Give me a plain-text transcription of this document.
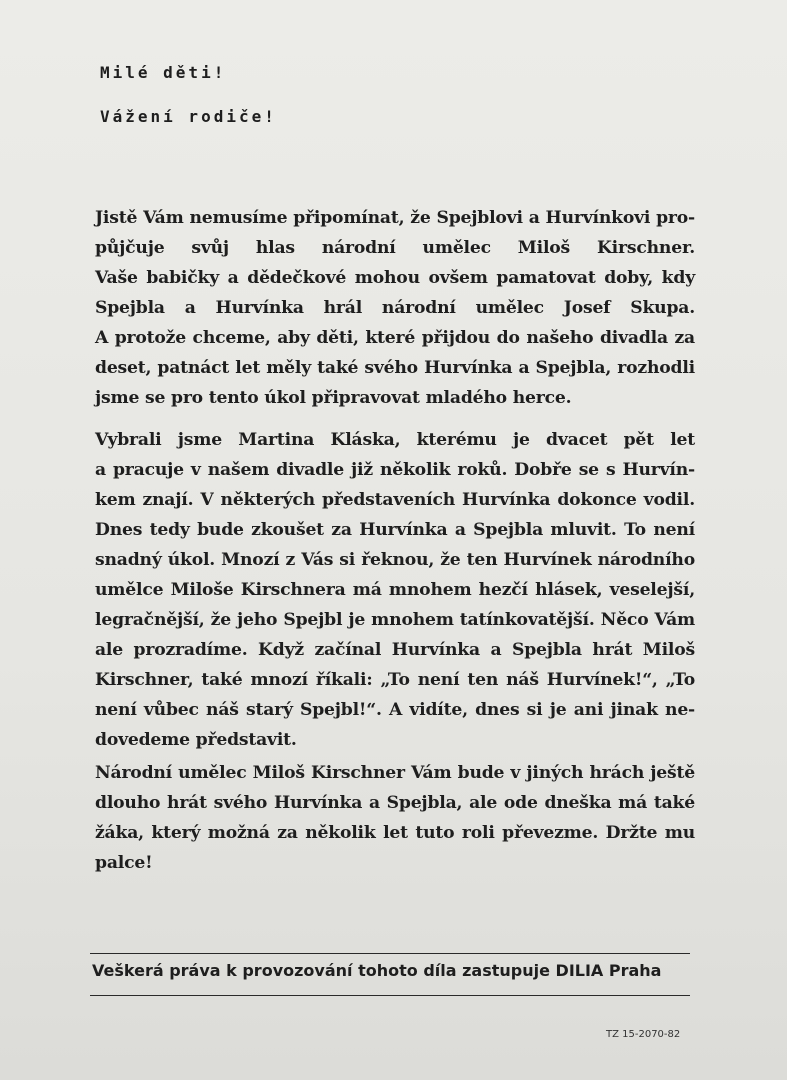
Milé děti!
Vážení rodiče!
Jistě Vám nemusíme připomínat, že Spejblovi a Hurvínkovi pro-
půjčuje svůj hlas národní umělec Miloš Kirschner.
Vaše babičky a dědečkové mohou ovšem pamatovat doby, kdy
Spejbla a Hurvínka hrál národní umělec Josef Skupa.
A protože chceme, aby děti, které přijdou do našeho divadla za
deset, patnáct let měly také svého Hurvínka a Spejbla, rozhodli
jsme se pro tento úkol připravovat mladého herce.
Vybrali jsme Martina Kláska, kterému je dvacet pět let
a pracuje v našem divadle již několik roků. Dobře se s Hurvín-
kem znají. V některých představeních Hurvínka dokonce vodil.
Dnes tedy bude zkoušet za Hurvínka a Spejbla mluvit. To není
snadný úkol. Mnozí z Vás si řeknou, že ten Hurvínek národního
umělce Miloše Kirschnera má mnohem hezčí hlásek, veselejší,
legračnější, že jeho Spejbl je mnohem tatínkovatější. Něco Vám
ale prozradíme. Když začínal Hurvínka a Spejbla hrát Miloš
Kirschner, také mnozí říkali: „To není ten náš Hurvínek!“, „To
není vůbec náš starý Spejbl!“. A vidíte, dnes si je ani jinak ne-
dovedeme představit.
Národní umělec Miloš Kirschner Vám bude v jiných hrách ještě
dlouho hrát svého Hurvínka a Spejbla, ale ode dneška má také
žáka, který možná za několik let tuto roli převezme. Držte mu
palce!
Veškerá práva k provozování tohoto díla zastupuje DILIA Praha
TZ 15-2070-82
